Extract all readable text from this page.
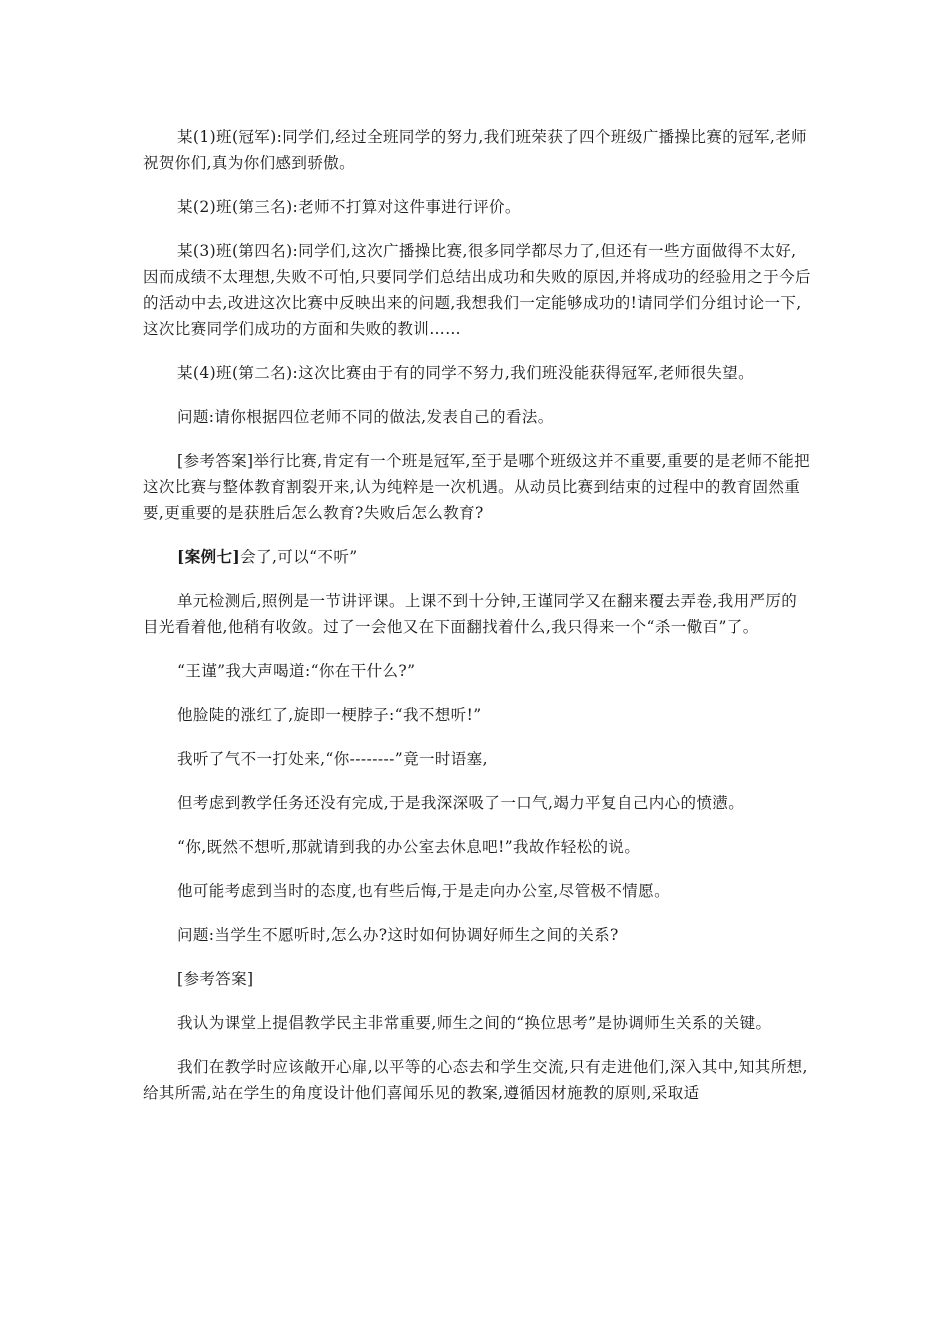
某(1)班(冠军):同学们,经过全班同学的努力,我们班荣获了四个班级广播操比赛的冠军,老师祝贺你们,真为你们感到骄傲。

某(2)班(第三名):老师不打算对这件事进行评价。

某(3)班(第四名):同学们,这次广播操比赛,很多同学都尽力了,但还有一些方面做得不太好,因而成绩不太理想,失败不可怕,只要同学们总结出成功和失败的原因,并将成功的经验用之于今后的活动中去,改进这次比赛中反映出来的问题,我想我们一定能够成功的!请同学们分组讨论一下,这次比赛同学们成功的方面和失败的教训……

某(4)班(第二名):这次比赛由于有的同学不努力,我们班没能获得冠军,老师很失望。

问题:请你根据四位老师不同的做法,发表自己的看法。

[参考答案]举行比赛,肯定有一个班是冠军,至于是哪个班级这并不重要,重要的是老师不能把这次比赛与整体教育割裂开来,认为纯粹是一次机遇。从动员比赛到结束的过程中的教育固然重要,更重要的是获胜后怎么教育?失败后怎么教育?

[案例七]会了,可以“不听”

单元检测后,照例是一节讲评课。上课不到十分钟,王谨同学又在翻来覆去弄卷,我用严厉的目光看着他,他稍有收敛。过了一会他又在下面翻找着什么,我只得来一个“杀一儆百”了。

“王谨”我大声喝道:“你在干什么?”

他脸陡的涨红了,旋即一梗脖子:“我不想听!”

我听了气不一打处来,“你--------”竟一时语塞,

但考虑到教学任务还没有完成,于是我深深吸了一口气,竭力平复自己内心的愤懑。

“你,既然不想听,那就请到我的办公室去休息吧!”我故作轻松的说。

他可能考虑到当时的态度,也有些后悔,于是走向办公室,尽管极不情愿。

问题:当学生不愿听时,怎么办?这时如何协调好师生之间的关系?

[参考答案]

我认为课堂上提倡教学民主非常重要,师生之间的“换位思考”是协调师生关系的关键。

我们在教学时应该敞开心扉,以平等的心态去和学生交流,只有走进他们,深入其中,知其所想,给其所需,站在学生的角度设计他们喜闻乐见的教案,遵循因材施教的原则,采取适
